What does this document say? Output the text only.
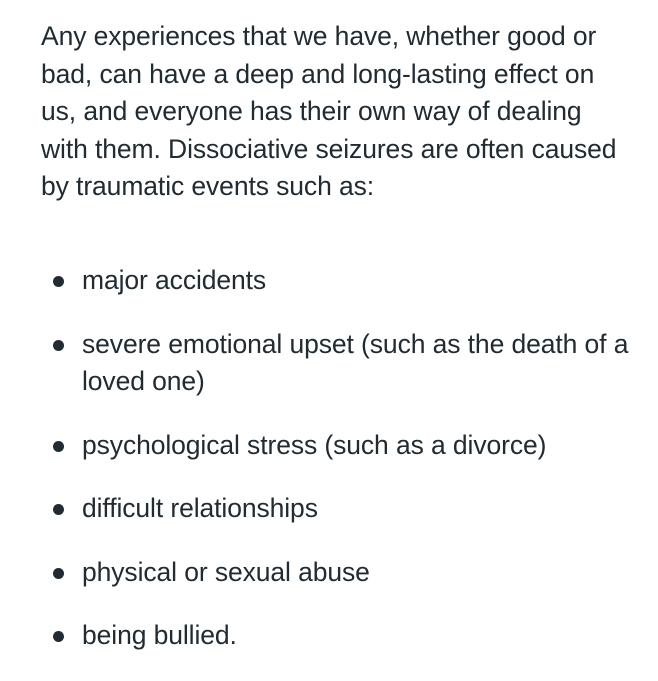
Any experiences that we have, whether good or bad, can have a deep and long-lasting effect on us, and everyone has their own way of dealing with them. Dissociative seizures are often caused by traumatic events such as:

major accidents
severe emotional upset (such as the death of a loved one)
psychological stress (such as a divorce)
difficult relationships
physical or sexual abuse
being bullied.
